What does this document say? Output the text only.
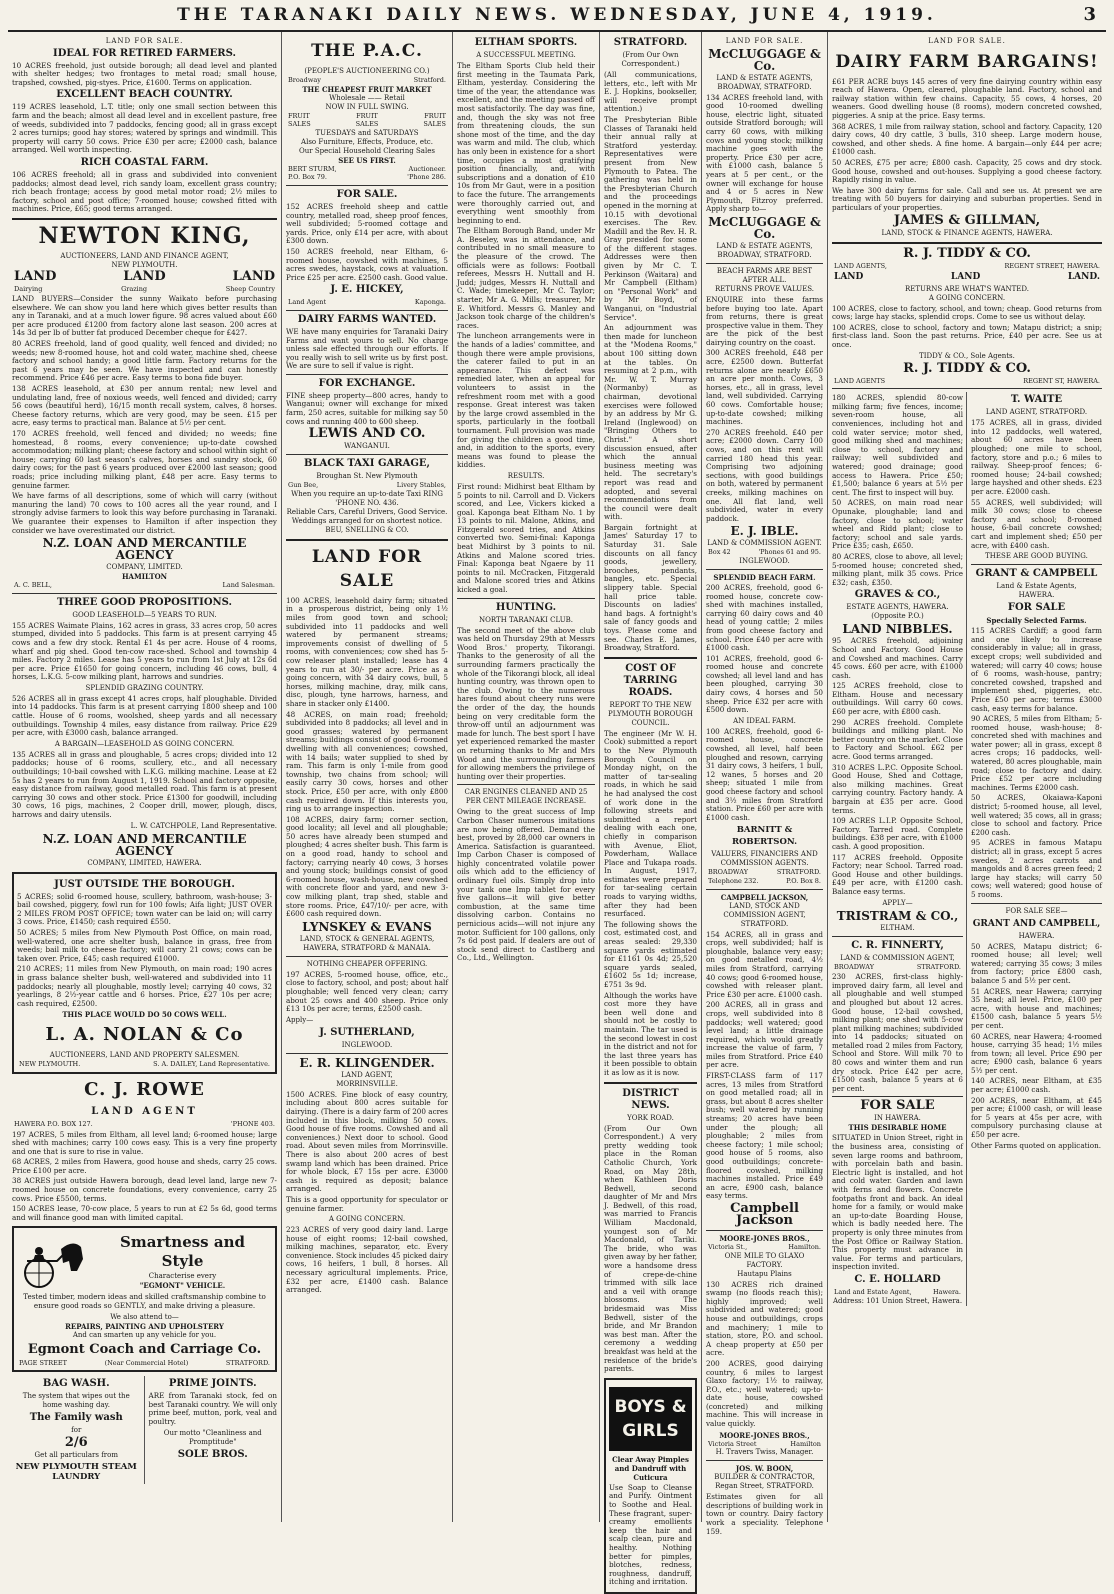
THE TARANAKI DAILY NEWS. WEDNESDAY, JUNE 4, 1919.	3
LAND FOR SALE.
IDEAL FOR RETIRED FARMERS.
10 ACRES freehold, just outside borough; all dead level and planted with shelter hedges; two frontages to metal road; small house, trapshed, cowshed, pig-styes. Price, £1600. Terms on application.
EXCELLENT BEACH COUNTRY.
119 ACRES leasehold, L.T. title; only one small section between this farm and the beach; almost all dead level and in excellent pasture, free of weeds, subdivided into 7 paddocks, fencing good; all in grass except 2 acres turnips; good hay stores; watered by springs and windmill. This property will carry 50 cows. Price £30 per acre; £2000 cash, balance arranged. Well worth inspecting.
RICH COASTAL FARM.
106 ACRES freehold; all in grass and subdivided into convenient paddocks; almost dead level, rich sandy loam, excellent grass country; rich beach frontage; access by good metal motor road; 2½ miles to factory, school and post office; 7-roomed house; cowshed fitted with machines. Price, £65; good terms arranged.
NEWTON KING,
AUCTIONEERS, LAND AND FINANCE AGENT,
NEW PLYMOUTH.
LAND	LAND	LAND
Dairying	Grazing	Sheep Country
LAND BUYERS—Consider the sunny Waikato before purchasing elsewhere. We can show you land here which gives better results than any in Taranaki, and at a much lower figure. 98 acres valued about £60 per acre produced £1200 from factory alone last season. 200 acres at 14s 3d per lb of butter fat produced December cheque for £427.
80 ACRES freehold, land of good quality, well fenced and divided; no weeds; new 8-roomed house, hot and cold water, machine shed, cheese factory and school handy; a good little farm. Factory returns for the past 6 years may be seen. We have inspected and can honestly recommend. Price £46 per acre. Easy terms to bona fide buyer.
138 ACRES leasehold, at £30 per annum rental; new level and undulating land, free of noxious weeds, well fenced and divided; carry 56 cows (beautiful herd), 16/15 month recall system, calves, 8 horses. Cheese factory returns, which are very good, may be seen. £15 per acre, easy terms to practical man. Balance at 5½ per cent.
170 ACRES freehold, well fenced and divided; no weeds; fine homestead, 8 rooms, every convenience; up-to-date cowshed accommodation; milking plant; cheese factory and school within sight of house; carrying 60 last season's calves, horses and sundry stock, 60 dairy cows; for the past 6 years produced over £2000 last season; good roads; price including milking plant, £48 per acre. Easy terms to genuine farmer.
We have farms of all descriptions, some of which will carry (without manuring the land) 70 cows to 100 acres all the year round, and I strongly advise farmers to look this way before purchasing in Taranaki. We guarantee their expenses to Hamilton if after inspection they consider we have overestimated our district.
N.Z. LOAN AND MERCANTILE AGENCY
COMPANY, LIMITED.
HAMILTON
A. C. BELL,	Land Salesman.
THREE GOOD PROPOSITIONS.
GOOD LEASEHOLD—5 YEARS TO RUN.
155 ACRES Waimate Plains, 162 acres in grass, 33 acres crop, 50 acres stumped, divided into 5 paddocks. This farm is at present carrying 45 cows and a few dry stock. Rental £1 4s per acre. House of 4 rooms, wharf and pig shed. Good ten-cow race-shed. School and township 4 miles. Factory 2 miles. Lease has 5 years to run from 1st July at 12s 6d per acre. Price £1650 for going concern, including 46 cows, bull, 4 horses, L.K.G. 5-cow milking plant, harrows and sundries.
SPLENDID GRAZING COUNTRY.
526 ACRES all in grass except 41 acres crops, half ploughable. Divided into 14 paddocks. This farm is at present carrying 1800 sheep and 100 cattle. House of 6 rooms, woolshed, sheep yards and all necessary outbuildings. Township 4 miles, easy distance from railway. Price £29 per acre, with £3000 cash, balance arranged.
A BARGAIN—LEASEHOLD AS GOING CONCERN.
135 ACRES all in grass and ploughable, 5 acres crops; divided into 12 paddocks; house of 6 rooms, scullery, etc., and all necessary outbuildings; 10-bail cowshed with L.K.G. milking machine. Lease at £2 5s has 2 years to run from August 1, 1919. School and factory opposite, easy distance from railway, good metalled road. This farm is at present carrying 30 cows and other stock. Price £1300 for goodwill, including 30 cows, 16 pigs, machines, 2 Cooper drill, mower, plough, discs, harrows and dairy utensils.
L. W. CATCHPOLE, Land Representative.
N.Z. LOAN AND MERCANTILE AGENCY
COMPANY, LIMITED, HAWERA.
JUST OUTSIDE THE BOROUGH.
5 ACRES; solid 6-roomed house, scullery, bathroom, wash-house; 3-bail cowshed, piggery, fowl run for 100 fowls; Aifa light; JUST OVER 2 MILES FROM POST OFFICE; town water can be laid on; will carry 3 cows. Price, £1450; cash required £550.
50 ACRES; 5 miles from New Plymouth Post Office, on main road, well-watered, one acre shelter bush, balance in grass, free from weeds; bail milk to cheese factory; will carry 21 cows; cows can be taken over. Price, £45; cash required £1000.
210 ACRES; 11 miles from New Plymouth, on main road; 190 acres in grass balance shelter bush, well-watered and subdivided into 11 paddocks; nearly all ploughable, mostly level; carrying 40 cows, 32 yearlings, 8 2½-year cattle and 6 horses. Price, £27 10s per acre; cash required, £2500.
THIS PLACE WOULD DO 50 COWS WELL.
L. A. NOLAN & Co
AUCTIONEERS, LAND AND PROPERTY SALESMEN.
NEW PLYMOUTH.	S. A. DAILEY, Land Representative.
C. J. ROWE
LAND AGENT
HAWERA P.O. BOX 127.	'PHONE 403.
197 ACRES, 5 miles from Eltham, all level land; 6-roomed house; large shed with machines; carry 100 cows easy. This is a very fine property and one that is sure to rise in value.
68 ACRES, 2 miles from Hawera, good house and sheds, carry 25 cows. Price £100 per acre.
38 ACRES just outside Hawera borough, dead level land, large new 7-roomed house on concrete foundations, every convenience, carry 25 cows. Price £5500, terms.
150 ACRES lease, 70-cow place, 5 years to run at £2 5s 6d, good terms and will finance good man with limited capital.
Smartness and
Style
Characterise every
"EGMONT" VEHICLE.
Tested timber, modern ideas and skilled craftsmanship combine to ensure good roads so GENTLY, and make driving a pleasure.
We also attend to—
REPAIRS, PAINTING AND UPHOLSTERY
And can smarten up any vehicle for you.
Egmont Coach and Carriage Co.
PAGE STREET	(Near Commercial Hotel)	STRATFORD.
BAG WASH.
The system that wipes out the home washing day.
The Family wash
for
2/6
Get all particulars from
NEW PLYMOUTH STEAM LAUNDRY
PRIME JOINTS.
ARE from Taranaki stock, fed on best Taranaki country. We will only prime beef, mutton, pork, veal and poultry.
Our motto "Cleanliness and Promptitude"
SOLE BROS.
THE P.A.C.
(PEOPLE'S AUCTIONEERING CO.)
Broadway	Stratford.
THE CHEAPEST FRUIT MARKET
Wholesale —— Retail
NOW IN FULL SWING.
FRUIT	FRUIT	FRUIT
SALES	SALES	SALES
TUESDAYS and SATURDAYS
Also Furniture, Effects, Produce, etc.
Our Special Household Clearing Sales
SEE US FIRST.
BERT STURM,	Auctioneer.
P.O. Box 79.	'Phone 286.
FOR SALE.
152 ACRES freehold sheep and cattle country, metalled road, sheep proof fences, well subdivided; 5-roomed cottage and yards. Price, only £14 per acre, with about £300 down.
150 ACRES freehold, near Eltham, 6-roomed house, cowshed with machines, 5 acres swedes, haystack, cows at valuation. Price £25 per acre. £2500 cash. Good value.
J. E. HICKEY,
Land Agent	Kaponga.
DAIRY FARMS WANTED.
WE have many enquiries for Taranaki Dairy Farms and want yours to sell. No charge unless sale effected through our efforts. If you really wish to sell write us by first post. We are sure to sell if value is right.
FOR EXCHANGE.
FINE sheep property—800 acres, handy to Wanganui; owner will exchange for mixed farm, 250 acres, suitable for milking say 50 cows and running 400 to 600 sheep.
LEWIS AND CO.
WANGANUI.
BLACK TAXI GARAGE,
Broughan St. New Plymouth
Gun Bee,	Livery Stables,
When you require an up-to-date Taxi RING 'PHONE NO. 436.
Reliable Cars, Careful Drivers, Good Service.
Weddings arranged for on shortest notice.
BEU, SNELLING & CO.
LAND FOR SALE
100 ACRES, leasehold dairy farm; situated in a prosperous district, being only 1½ miles from good town and school; subdivided into 11 paddocks and well watered by permanent streams; improvements consist of dwelling of 5 rooms, with conveniences; cow shed has 5-cow releaser plant installed; lease has 4 years to run at 30/- per acre. Price as a going concern, with 34 dairy cows, bull, 5 horses, milking machine, dray, milk cans, disc, plough, tyne harrows, harness, and share in stacker only £1400.
48 ACRES, on main road; freehold; subdivided into 8 paddocks; all level and in good grasses; watered by permanent streams; buildings consist of good 6-roomed dwelling with all conveniences; cowshed, with 14 bails; water supplied to shed by ram. This farm is only 1-mile from good township, two chains from school; will easily carry 30 cows, horses and other stock. Price, £50 per acre, with only £800 cash required down. If this interests you, ring us to arrange inspection.
108 ACRES, dairy farm; corner section, good locality; all level and all ploughable; 50 acres have already been stumped and ploughed; 4 acres shelter bush. This farm is on a good road, handy to school and factory; carrying nearly 40 cows, 3 horses and young stock; buildings consist of good 6-roomed house, wash-house, new cowshed with concrete floor and yard, and new 3-cow milking plant, trap shed, stable and store rooms. Price, £47/10/- per acre, with £600 cash required down.
LYNSKEY & EVANS
LAND, STOCK & GENERAL AGENTS, HAWERA, STRATFORD & MANAIA.
NOTHING CHEAPER OFFERING.
197 ACRES, 5-roomed house, office, etc., close to factory, school, and post; about half ploughable; well fenced very clean; carry about 25 cows and 400 sheep. Price only £13 10s per acre; terms, £2500 cash.
Apply—
J. SUTHERLAND,
INGLEWOOD.
E. R. KLINGENDER.
LAND AGENT,
MORRINSVILLE.
1500 ACRES. Fine block of easy country, including about 800 acres suitable for dairying. (There is a dairy farm of 200 acres included in this block, milking 50 cows. Good house of five rooms. Cowshed and all conveniences.) Next door to school. Good road. About seven miles from Morrinsville. There is also about 200 acres of best swamp land which has been drained. Price for whole block, £7 15s per acre. £3000 cash is required as deposit; balance arranged.
This is a good opportunity for speculator or genuine farmer.
A GOING CONCERN.
223 ACRES of very good dairy land. Large house of eight rooms; 12-bail cowshed, milking machines, separator, etc. Every convenience. Stock includes 45 picked dairy cows, 16 heifers, 1 bull, 8 horses. All necessary agricultural implements. Price, £32 per acre, £1400 cash. Balance arranged.
ELTHAM SPORTS.
A SUCCESSFUL MEETING.
The Eltham Sports Club held their first meeting in the Taumata Park, Eltham, yesterday. Considering the time of the year, the attendance was excellent, and the meeting passed off most satisfactorily. The day was fine, and, though the sky was not free from threatening clouds, the sun shone most of the time, and the day was warm and mild. The club, which has only been in existence for a short time, occupies a most gratifying position financially, and, with subscriptions and a donation of £10 10s from Mr Gaut, were in a position to face the future. The arrangements were thoroughly carried out, and everything went smoothly from beginning to end.
The Eltham Borough Band, under Mr A. Beseley, was in attendance, and contributed in no small measure to the pleasure of the crowd. The officials were as follows: Football referees, Messrs H. Nuttall and H. Judd; judges, Messrs H. Nuttall and C. Wade; timekeeper, Mr C. Taylor; starter, Mr A. G. Mills; treasurer, Mr E. Whitford. Messrs G. Manley and Jackson took charge of the children's races.
The luncheon arrangements were in the hands of a ladies' committee, and though there were ample provisions, the caterer failed to put in an appearance. This defect was remedied later, when an appeal for volunteers to assist in the refreshment room met with a good response. Great interest was taken by the large crowd assembled in the sports, particularly in the football tournament. Full provision was made for giving the children a good time, and, in addition to the sports, every means was found to please the kiddies.
RESULTS.
First round: Midhirst beat Eltham by 5 points to nil. Carroll and D. Vickers scored, and Lee, Vickers kicked a goal. Kaponga beat Eltham No. 1 by 13 points to nil. Malone, Atkins, and Fitzgerald scored tries, and Atkins converted two. Semi-final: Kaponga beat Midhirst by 3 points to nil. Atkins and Malone scored tries. Final: Kaponga beat Ngaere by 11 points to nil. McCracken, Fitzgerald and Malone scored tries and Atkins kicked a goal.
HUNTING.
NORTH TARANAKI CLUB.
The second meet of the above club was held on Thursday 29th at Messrs Wood Bros.' property, Tikorangi. Thanks to the generosity of all the surrounding farmers practically the whole of the Tikorangi block, all ideal hunting country, was thrown open to the club. Owing to the numerous hares found about cheery runs were the order of the day, the hounds being on very creditable form the throw-off until an adjournment was made for lunch. The best sport I have yet experienced remarked the master on returning thanks to Mr and Mrs Wood and the surrounding farmers for allowing members the privilege of hunting over their properties.
CAR ENGINES CLEANED AND 25 PER CENT MILEAGE INCREASE.
Owing to the great success of Imp Carbon Chaser numerous imitations are now being offered. Demand the best, proved by 28,000 car owners in America. Satisfaction is guaranteed. Imp Carbon Chaser is composed of highly concentrated volatile power oils which add to the efficiency of ordinary fuel oils. Simply drop into your tank one Imp tablet for every five gallons—it will give better combustion, at the same time dissolving carbon. Contains no pernicious acids—will not injure any motor. Sufficient for 100 gallons, only 7s 6d post paid. If dealers are out of stock send direct to Castlberg and Co., Ltd., Wellington.
STRATFORD.
(From Our Own Correspondent.)
(All communications, letters, etc., left with Mr E. J. Hopkins, bookseller, will receive prompt attention.)
The Presbyterian Bible Classes of Taranaki held their annual rally at Stratford yesterday. Representatives were present from New Plymouth to Patea. The gathering was held in the Presbyterian Church and the proceedings opened in the morning at 10.15 with devotional exercises. The Rev. Madill and the Rev. H. R. Gray presided for some of the different stages. Addresses were then given by Mr C. T. Perkinson (Waitara) and Mr Campbell (Eltham) on "Personal Work" and by Mr Boyd, of Wanganui, on "Industrial Service".
An adjournment was then made for luncheon at the "Modena Rooms," about 100 sitting down at the tables. On resuming at 2 p.m., with Mr. W. T. Murray (Normanby) as chairman, devotional exercises were followed by an address by Mr G. Ireland (Inglewood) on "Bringing Others to Christ." A short discussion ensued, after which the annual business meeting was held. The secretary's report was read and adopted, and several recommendations from the council were dealt with.
Bargain fortnight at James' Saturday 17 to Saturday 31. Sale discounts on all fancy goods, jewellery, brooches, pendants, bangles, etc. Special slippery table. Special hall price table. Discounts on ladies' hand bags. A fortnight's sale of fancy goods and toys. Please come and see. Charles E. James, Broadway, Stratford.
COST OF TARRING ROADS.
REPORT TO THE NEW PLYMOUTH BOROUGH COUNCIL.
The engineer (Mr W. H. Cook) submitted a report to the New Plymouth Borough Council on Monday night, on the matter of tar-sealing roads, in which he said he had analysed the cost of work done in the following streets and submitted a report dealing with each one, chiefly in comparison with Avenue, Eliot, Powderham, Wallace Place and Tukapa roads. In August, 1917, estimates were prepared for tar-sealing certain roads to varying widths, after they had been resurfaced.
The following shows the cost, estimated cost, and areas sealed: 29,330 square yards estimated for £1161 0s 4d; 25,520 square yards sealed, £1602 5s 1d; increase, £751 3s 9d.
Although the works have cost more they have been well done and should not be costly to maintain. The tar used is the second lowest in cost in the district and not for the last three years has it been possible to obtain it as low as it is now.
DISTRICT NEWS.
YORK ROAD.
(From Our Own Correspondent.) A very pretty wedding took place in the Roman Catholic Church, York Road, on May 28th, when Kathleen Doris Bedwell, second daughter of Mr and Mrs J. Bedwell, of this road, was married to Francis William Macdonald, youngest son of Mr Macdonald, of Tariki. The bride, who was given away by her father, wore a handsome dress of crepe-de-chine trimmed with silk lace and a veil with orange blossoms. The bridesmaid was Miss Bedwell, sister of the bride, and Mr Brandon was best man. After the ceremony a wedding breakfast was held at the residence of the bride's parents.
BOYS & GIRLS
Clear Away Pimples and Dandruff with Cuticura
Use Soap to Cleanse and Purify. Ointment to Soothe and Heal. These fragrant, super-creamy emollients keep the hair and scalp clean, pure and healthy. Nothing better for pimples, blotches, redness, roughness, dandruff, itching and irritation.
LAND FOR SALE.
McCLUGGAGE & Co.
LAND & ESTATE AGENTS,
BROADWAY, STRATFORD.
134 ACRES freehold land, with good 10-roomed dwelling house, electric light, situated outside Stratford borough; will carry 60 cows, with milking cows and young stock; milking machine goes with the property. Price £30 per acre, with £1000 cash, balance 5 years at 5 per cent., or the owner will exchange for house and 4 or 5 acres in New Plymouth, Fitzroy preferred. Apply sharp to—
McCLUGGAGE & Co.
LAND & ESTATE AGENTS,
BROADWAY, STRATFORD.
BEACH FARMS ARE BEST AFTER ALL.
RETURNS PROVE VALUES.
ENQUIRE into these farms before buying too late. Apart from returns, there is great prospective value in them. They are the pick of the best dairying country on the coast.
300 ACRES freehold, £48 per acre, £2500 down. Butterfat returns alone are nearly £650 an acre per month. Cows, 3 horses, etc., all in grass, level land, well subdivided. Carrying 60 cows. Comfortable house; up-to-date cowshed; milking machines.
270 ACRES freehold. £40 per acre; £2000 down. Carry 100 cows, and on this rent will carried 180 head this year. Comprising two adjoining sections, with good buildings on both, watered by permanent creeks, milking machines on one. All flat land, well subdivided, water in every paddock.
E. J. IBLE.
LAND & COMMISSION AGENT.
Box 42	'Phones 61 and 95.
INGLEWOOD.
SPLENDID BEACH FARM.
200 ACRES, freehold, good 6-roomed house, concrete cow-shed with machines installed, carrying 60 dairy cows and 40 head of young cattle; 2 miles from good cheese factory and school. Price £40 per acre with £1000 cash.
101 ACRES, freehold, good 6-roomed house and concrete cowshed; all level land and has been ploughed, carrying 30 dairy cows, 4 horses and 50 sheep. Price £32 per acre with £500 down.
AN IDEAL FARM.
100 ACRES, freehold, good 6-roomed house, concrete cowshed, all level, half been ploughed and resown, carrying 31 dairy cows, 3 heifers, 1 bull, 12 wanes, 5 horses and 20 sheep; situated 1 mile from good cheese factory and school and 3½ miles from Stratford station. Price £60 per acre with £1000 cash.
BARNITT & ROBERTSON.
VALUERS, FINANCIERS AND COMMISSION AGENTS.
BROADWAY	STRATFORD.
Telephone 232.	P.O. Box 8.
CAMPBELL JACKSON,
LAND, STOCK AND COMMISSION AGENT, STRATFORD.
154 ACRES, all in grass and crops, well subdivided; half is ploughable, balance very easy; on good metalled road, 4½ miles from Stratford, carrying 40 cows; good 6-roomed house, cowshed with releaser plant. Price £30 per acre. £1000 cash.
200 ACRES, all in grass and crops, well subdivided into 8 paddocks; well watered; good level land; a little drainage required, which would greatly increase the value of farm, 7 miles from Stratford. Price £40 per acre.
FIRST-CLASS farm of 117 acres, 13 miles from Stratford on good metalled road; all in grass, but about 8 acres shelter bush; well watered by running streams; 20 acres have been under the plough; all ploughable; 2 miles from cheese factory; 1 mile school; good house of 5 rooms, also good outbuildings; concrete-floored cowshed, milking machines installed. Price £49 an acre, £900 cash, balance easy terms.
Campbell Jackson
MOORE-JONES BROS.,
Victoria St.,	Hamilton.
ONE MILE TO GLAXO FACTORY.
Hautapu Plains
130 ACRES rich drained swamp (no floods reach this); highly improved; well subdivided and watered; good house and outbuildings, crops and machinery; 1 mile to station, store, P.O. and school. A cheap property at £50 per acre.
200 ACRES, good dairying country, 6 miles to largest Glaxo factory; 1½ to railway, P.O., etc.; well watered; up-to-date house, cowshed (concreted) and milking machine. This will increase in value quickly.
MOORE-JONES BROS.,
Victoria Street	Hamilton
H. Travers Twiss, Manager.
JOS. W. BOON,
BUILDER & CONTRACTOR,
Regan Street, STRATFORD.
Estimates given for all descriptions of building work in town or country. Dairy factory work a speciality. Telephone 159.
LAND FOR SALE.
DAIRY FARM BARGAINS!
£61 PER ACRE buys 145 acres of very fine dairying country within easy reach of Hawera. Open, cleared, ploughable land. Factory, school and railway station within few chains. Capacity, 55 cows, 4 horses, 20 weaners. Good dwelling house (8 rooms), modern concreted cowshed, piggeries. A snip at the price. Easy terms.
368 ACRES, 1 mile from railway station, school and factory. Capacity, 120 dairy cows, 40 dry cattle, 3 bulls, 310 sheep. Large modern house, cowshed, and other sheds. A fine home. A bargain—only £44 per acre; £1000 cash.
50 ACRES, £75 per acre; £800 cash. Capacity, 25 cows and dry stock. Good house, cowshed and out-houses. Supplying a good cheese factory. Rapidly rising in value.
We have 300 dairy farms for sale. Call and see us. At present we are treating with 50 buyers for dairying and suburban properties. Send in particulars of your properties.
JAMES & GILLMAN,
LAND, STOCK & FINANCE AGENTS, HAWERA.
R. J. TIDDY & CO.
LAND AGENTS,	REGENT STREET, HAWERA.
LAND	LAND	LAND.
RETURNS ARE WHAT'S WANTED.
A GOING CONCERN.
100 ACRES, close to factory, school, and town; cheap. Good returns from cows; large hay stacks, splendid crops. Come to see us without delay.
100 ACRES, close to school, factory and town; Matapu district; a snip; first-class land. Soon the past returns. Price, £40 per acre. See us at once.
TIDDY & CO., Sole Agents.
R. J. TIDDY & CO.
LAND AGENTS	REGENT ST, HAWERA.
180 ACRES, splendid 80-cow milking farm; five fences, income; seven-room house, all conveniences, including hot and cold water service; motor shed, good milking shed and machines; close to school, factory and railway; well subdivided and watered; good drainage; good access to Hawera. Price £50; £1,500; balance 6 years at 5½ per cent. The first to inspect will buy.
50 ACRES, on main road near Opunake, ploughable; land and factory, close to school; water wheel and Ridd plant; close to factory; school and sale yards. Price £35; cash, £650.
80 ACRES, close to above, all level; 5-roomed house; concreted shed, milking plant, milk 35 cows. Price £32; cash, £350.
GRAVES & CO.,
ESTATE AGENTS, HAWERA.
(Opposite P.O.)
LAND NIBBLES.
95 ACRES freehold, adjoining School and Factory. Good House and Cowshed and machines. Carry 45 cows. £60 per acre, with £1000 cash.
125 ACRES freehold, close to Eltham. House and necessary outbuildings. Will carry 60 cows. £60 per acre, with £800 cash.
290 ACRES freehold. Complete buildings and milking plant. No better country on the market. Close to Factory and School. £62 per acre. Good terms arranged.
310 ACRES L.P.C. Opposite School. Good House, Shed and Cottage, also milking machines. Great carrying country. Factory handy. A bargain at £35 per acre. Good terms.
109 ACRES L.I.P. Opposite School, Factory. Tarred road. Complete buildings. £38 per acre, with £1000 cash. A good proposition.
117 ACRES freehold. Opposite Factory; near School. Tarred road. Good House and other buildings. £49 per acre, with £1200 cash. Balance easy terms.
APPLY—
TRISTRAM & CO.,
ELTHAM.
C. R. FINNERTY,
LAND & COMMISSION AGENT,
BROADWAY	STRATFORD.
230 ACRES, first-class highly-improved dairy farm, all level and all ploughable and well stumped and ploughed but about 12 acres. Good house, 12-bail cowshed, milking plant; one shed with 5-cow plant milking machines; subdivided into 14 paddocks; situated on metalled road 2 miles from Factory, School and Store. Will milk 70 to 80 cows and winter them and run dry stock. Price £42 per acre, £1500 cash, balance 5 years at 6 per cent.
FOR SALE
IN HAWERA.
THIS DESIRABLE HOME
SITUATED in Union Street, right in the business area, consisting of seven large rooms and bathroom, with porcelain bath and basin. Electric light is installed, and hot and cold water. Garden and lawn with ferns and flowers. Concrete footpaths front and back. An ideal home for a family, or would make an up-to-date Boarding House, which is badly needed here. The property is only three minutes from the Post Office or Railway Station. This property must advance in value. For terms and particulars, inspection invited.
C. E. HOLLARD
Land and Estate Agent,	Hawera.
Address: 101 Union Street, Hawera.
T. WAITE
LAND AGENT, STRATFORD.
175 ACRES, all in grass, divided into 12 paddocks, well watered, about 60 acres have been ploughed; one mile to school, factory, store and p.o.; 6 miles to railway. Sheep-proof fences; 6-roomed house; 24-bail cowshed; large hayshed and other sheds. £23 per acre. £2000 cash.
55 ACRES, well subdivided; will milk 30 cows; close to cheese factory and school; 8-roomed house, 6-bail concrete cowshed; cart and implement shed; £50 per acre, with £400 cash.
THESE ARE GOOD BUYING.
GRANT & CAMPBELL
Land & Estate Agents,
HAWERA.
FOR SALE
Specially Selected Farms.
115 ACRES Cardiff; a good farm and one likely to increase considerably in value; all in grass, except crops; well subdivided and watered; will carry 40 cows; house of 6 rooms, wash-house, pantry; concreted cowshed, trapshed and implement shed, piggeries, etc. Price £50 per acre; terms £3000 cash, easy terms for balance.
90 ACRES, 5 miles from Eltham; 5-roomed house, wash-house; 8-concreted shed with machines and water power; all in grass, except 8 acres crops; 16 paddocks, well-watered, 80 acres ploughable, main road; close to factory and dairy. Price £52 per acre including machines. Terms £2000 cash.
50 ACRES, Okaiawa-Kaponi district; 5-roomed house, all level, well watered; 35 cows, all in grass; close to school and factory. Price £200 cash.
95 ACRES in famous Matapu district; all in grass, except 5 acres swedes, 2 acres carrots and mangolds and 8 acres green feed; 2 large hay stacks; will carry 50 cows; well watered; good house of 5 rooms.
FOR SALE SEE—
GRANT AND CAMPBELL,
HAWERA.
50 ACRES, Matapu district; 6-roomed house; all level; well watered; carrying 35 cows; 3 miles from factory; price £800 cash, balance 5 and 5½ per cent.
51 ACRES, near Hawera; carrying 35 head; all level. Price, £100 per acre, with house and machines; £1500 cash, balance 5 years 5½ per cent.
60 ACRES, near Hawera; 4-roomed house, carrying 35 head; 1½ miles from town; all level. Price £90 per acre; £900 cash, balance 6 years 5½ per cent.
140 ACRES, near Eltham, at £35 per acre; £1000 cash.
200 ACRES, near Eltham, at £45 per acre; £1000 cash, or will lease for 5 years at 45s per acre, with compulsory purchasing clause at £50 per acre.
Other Farms quoted on application.
